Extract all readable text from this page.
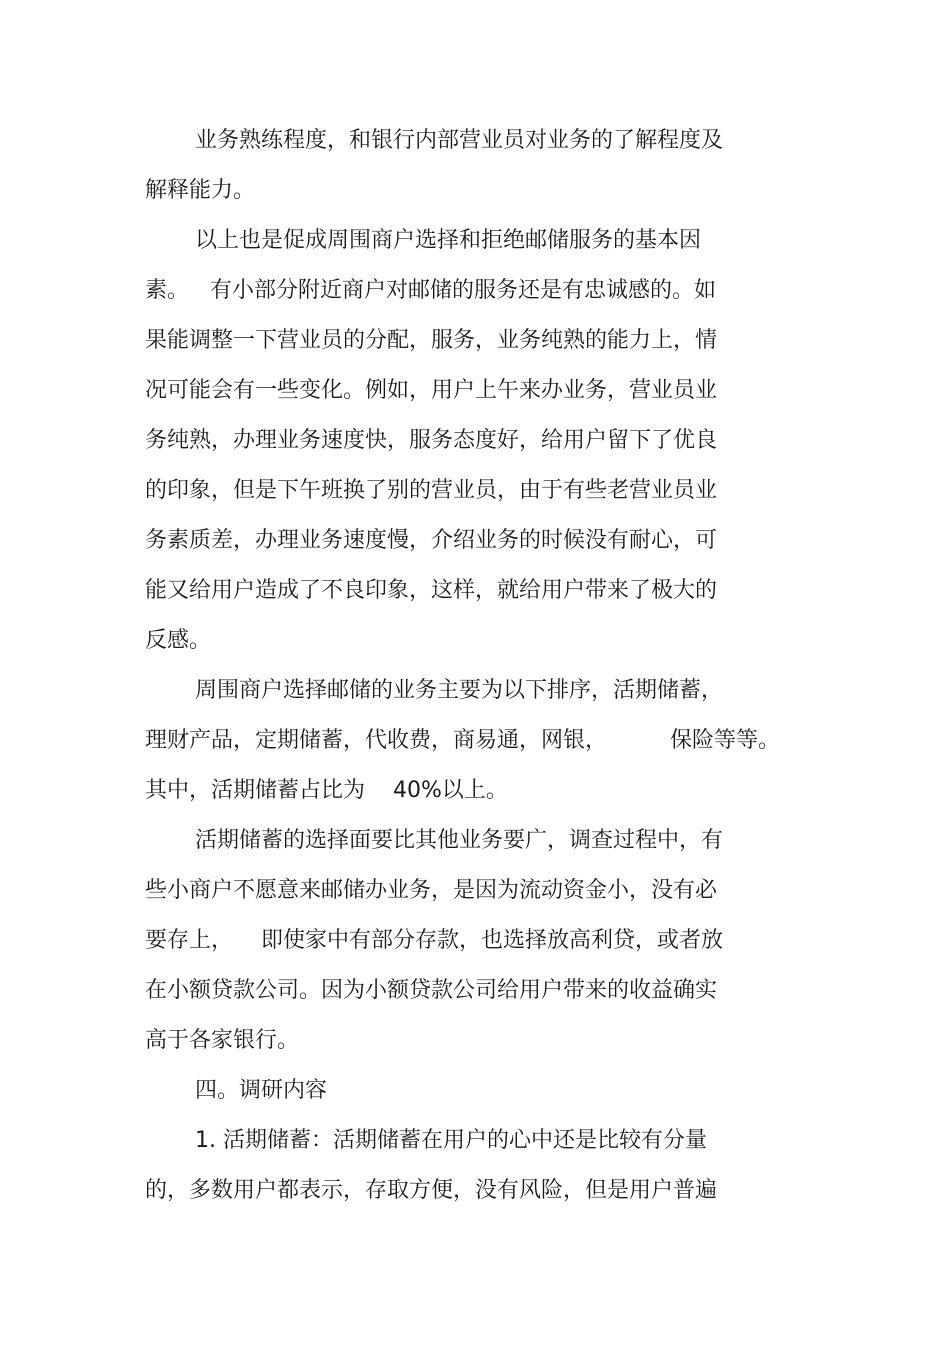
业务熟练程度，和银行内部营业员对业务的了解程度及
解释能力。
以上也是促成周围商户选择和拒绝邮储服务的基本因
素。   有小部分附近商户对邮储的服务还是有忠诚感的。如
果能调整一下营业员的分配，服务，业务纯熟的能力上，情
况可能会有一些变化。例如，用户上午来办业务，营业员业
务纯熟，办理业务速度快，服务态度好，给用户留下了优良
的印象，但是下午班换了别的营业员，由于有些老营业员业
务素质差，办理业务速度慢，介绍业务的时候没有耐心，可
能又给用户造成了不良印象，这样，就给用户带来了极大的
反感。
周围商户选择邮储的业务主要为以下排序，活期储蓄，
理财产品，定期储蓄，代收费，商易通，网银，         保险等等。
其中，活期储蓄占比为    40%以上。
活期储蓄的选择面要比其他业务要广，调查过程中，有
些小商户不愿意来邮储办业务，是因为流动资金小，没有必
要存上，    即使家中有部分存款，也选择放高利贷，或者放
在小额贷款公司。因为小额贷款公司给用户带来的收益确实
高于各家银行。
四。调研内容
1. 活期储蓄：活期储蓄在用户的心中还是比较有分量
的，多数用户都表示，存取方便，没有风险，但是用户普遍
